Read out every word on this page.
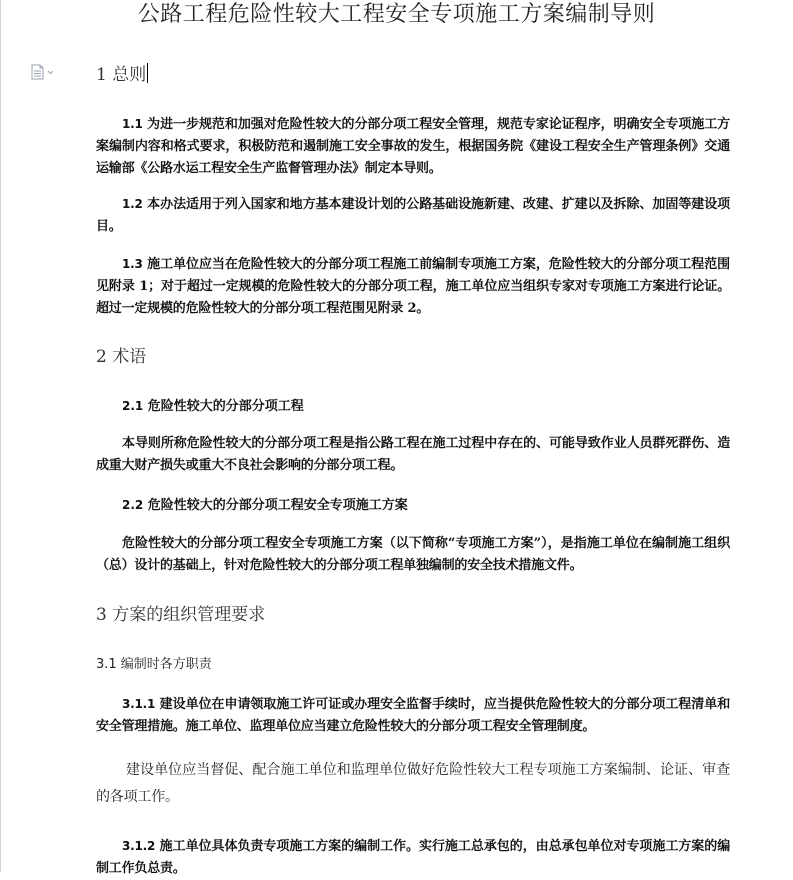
公路工程危险性较大工程安全专项施工方案编制导则
1 总则
1.1 为进一步规范和加强对危险性较大的分部分项工程安全管理，规范专家论证程序，明确安全专项施工方案编制内容和格式要求，积极防范和遏制施工安全事故的发生，根据国务院《建设工程安全生产管理条例》交通运输部《公路水运工程安全生产监督管理办法》制定本导则。
1.2 本办法适用于列入国家和地方基本建设计划的公路基础设施新建、改建、扩建以及拆除、加固等建设项目。
1.3 施工单位应当在危险性较大的分部分项工程施工前编制专项施工方案，危险性较大的分部分项工程范围见附录 1；对于超过一定规模的危险性较大的分部分项工程，施工单位应当组织专家对专项施工方案进行论证。超过一定规模的危险性较大的分部分项工程范围见附录 2。
2 术语
2.1 危险性较大的分部分项工程
本导则所称危险性较大的分部分项工程是指公路工程在施工过程中存在的、可能导致作业人员群死群伤、造成重大财产损失或重大不良社会影响的分部分项工程。
2.2 危险性较大的分部分项工程安全专项施工方案
危险性较大的分部分项工程安全专项施工方案（以下简称“专项施工方案”），是指施工单位在编制施工组织（总）设计的基础上，针对危险性较大的分部分项工程单独编制的安全技术措施文件。
3 方案的组织管理要求
3.1 编制时各方职责
3.1.1 建设单位在申请领取施工许可证或办理安全监督手续时，应当提供危险性较大的分部分项工程清单和安全管理措施。施工单位、监理单位应当建立危险性较大的分部分项工程安全管理制度。
建设单位应当督促、配合施工单位和监理单位做好危险性较大工程专项施工方案编制、论证、审查的各项工作。
3.1.2 施工单位具体负责专项施工方案的编制工作。实行施工总承包的，由总承包单位对专项施工方案的编制工作负总责。
